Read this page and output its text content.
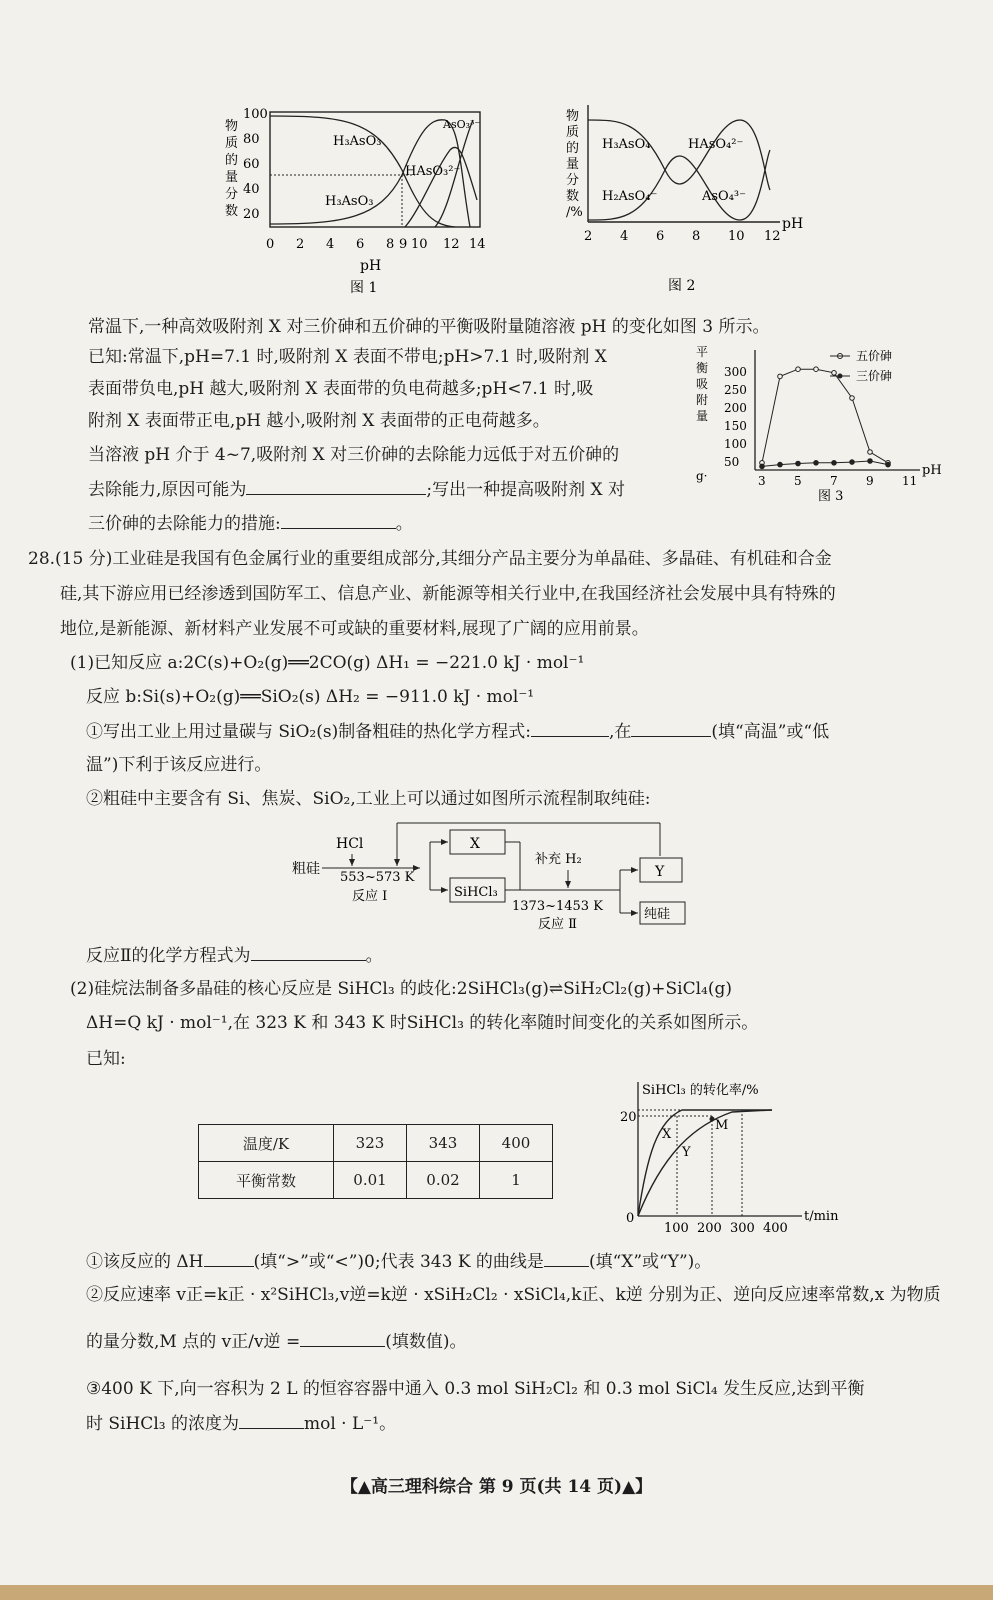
物
质
的
量
分
数
100
80
60
40
20
0 2 4 6 8 9 10 12 14
H₃AsO₃
H₃AsO₃
HAsO₃²⁻
AsO₃³⁻
pH
图 1
物
质
的
量
分
数
/%
H₃AsO₄	HAsO₄²⁻
H₂AsO₄⁻	AsO₄³⁻
2 4 6 8 10 12
pH
图 2
平
衡
吸
附
量
g·
300
250
200
150
100
50
3 5 7 9 11
五价砷
三价砷
pH
图 3
常温下,一种高效吸附剂 X 对三价砷和五价砷的平衡吸附量随溶液 pH 的变化如图 3 所示。
已知:常温下,pH=7.1 时,吸附剂 X 表面不带电;pH>7.1 时,吸附剂 X
表面带负电,pH 越大,吸附剂 X 表面带的负电荷越多;pH<7.1 时,吸
附剂 X 表面带正电,pH 越小,吸附剂 X 表面带的正电荷越多。
当溶液 pH 介于 4~7,吸附剂 X 对三价砷的去除能力远低于对五价砷的
去除能力,原因可能为	;写出一种提高吸附剂 X 对
三价砷的去除能力的措施:	。
28.(15 分)工业硅是我国有色金属行业的重要组成部分,其细分产品主要分为单晶硅、多晶硅、有机硅和合金
硅,其下游应用已经渗透到国防军工、信息产业、新能源等相关行业中,在我国经济社会发展中具有特殊的
地位,是新能源、新材料产业发展不可或缺的重要材料,展现了广阔的应用前景。
(1)已知反应 a:2C(s)+O₂(g)══2CO(g) ΔH₁ = −221.0 kJ · mol⁻¹
反应 b:Si(s)+O₂(g)══SiO₂(s) ΔH₂ = −911.0 kJ · mol⁻¹
①写出工业上用过量碳与 SiO₂(s)制备粗硅的热化学方程式:	,在	(填“高温”或“低
温”)下利于该反应进行。
②粗硅中主要含有 Si、焦炭、SiO₂,工业上可以通过如图所示流程制取纯硅:
HCl
粗硅
553~573 K
反应 Ⅰ
X
SiHCl₃
补充 H₂
1373~1453 K
反应 Ⅱ
Y
纯硅
反应Ⅱ的化学方程式为	。
(2)硅烷法制备多晶硅的核心反应是 SiHCl₃ 的歧化:2SiHCl₃(g)⇌SiH₂Cl₂(g)+SiCl₄(g)
ΔH=Q kJ · mol⁻¹,在 323 K 和 343 K 时SiHCl₃ 的转化率随时间变化的关系如图所示。
已知:
温度/K	323	343	400
平衡常数	0.01	0.02	1
SiHCl₃ 的转化率/%
20
0
X
Y
M
100 200 300 400
t/min
①该反应的 ΔH	(填“>”或“<”)0;代表 343 K 的曲线是	(填“X”或“Y”)。
②反应速率 v正=k正 · x²SiHCl₃,v逆=k逆 · xSiH₂Cl₂ · xSiCl₄,k正、k逆 分别为正、逆向反应速率常数,x 为物质
的量分数,M 点的 v正/v逆 =	(填数值)。
③400 K 下,向一容积为 2 L 的恒容容器中通入 0.3 mol SiH₂Cl₂ 和 0.3 mol SiCl₄ 发生反应,达到平衡
时 SiHCl₃ 的浓度为	mol · L⁻¹。
【▲高三理科综合 第 9 页(共 14 页)▲】
